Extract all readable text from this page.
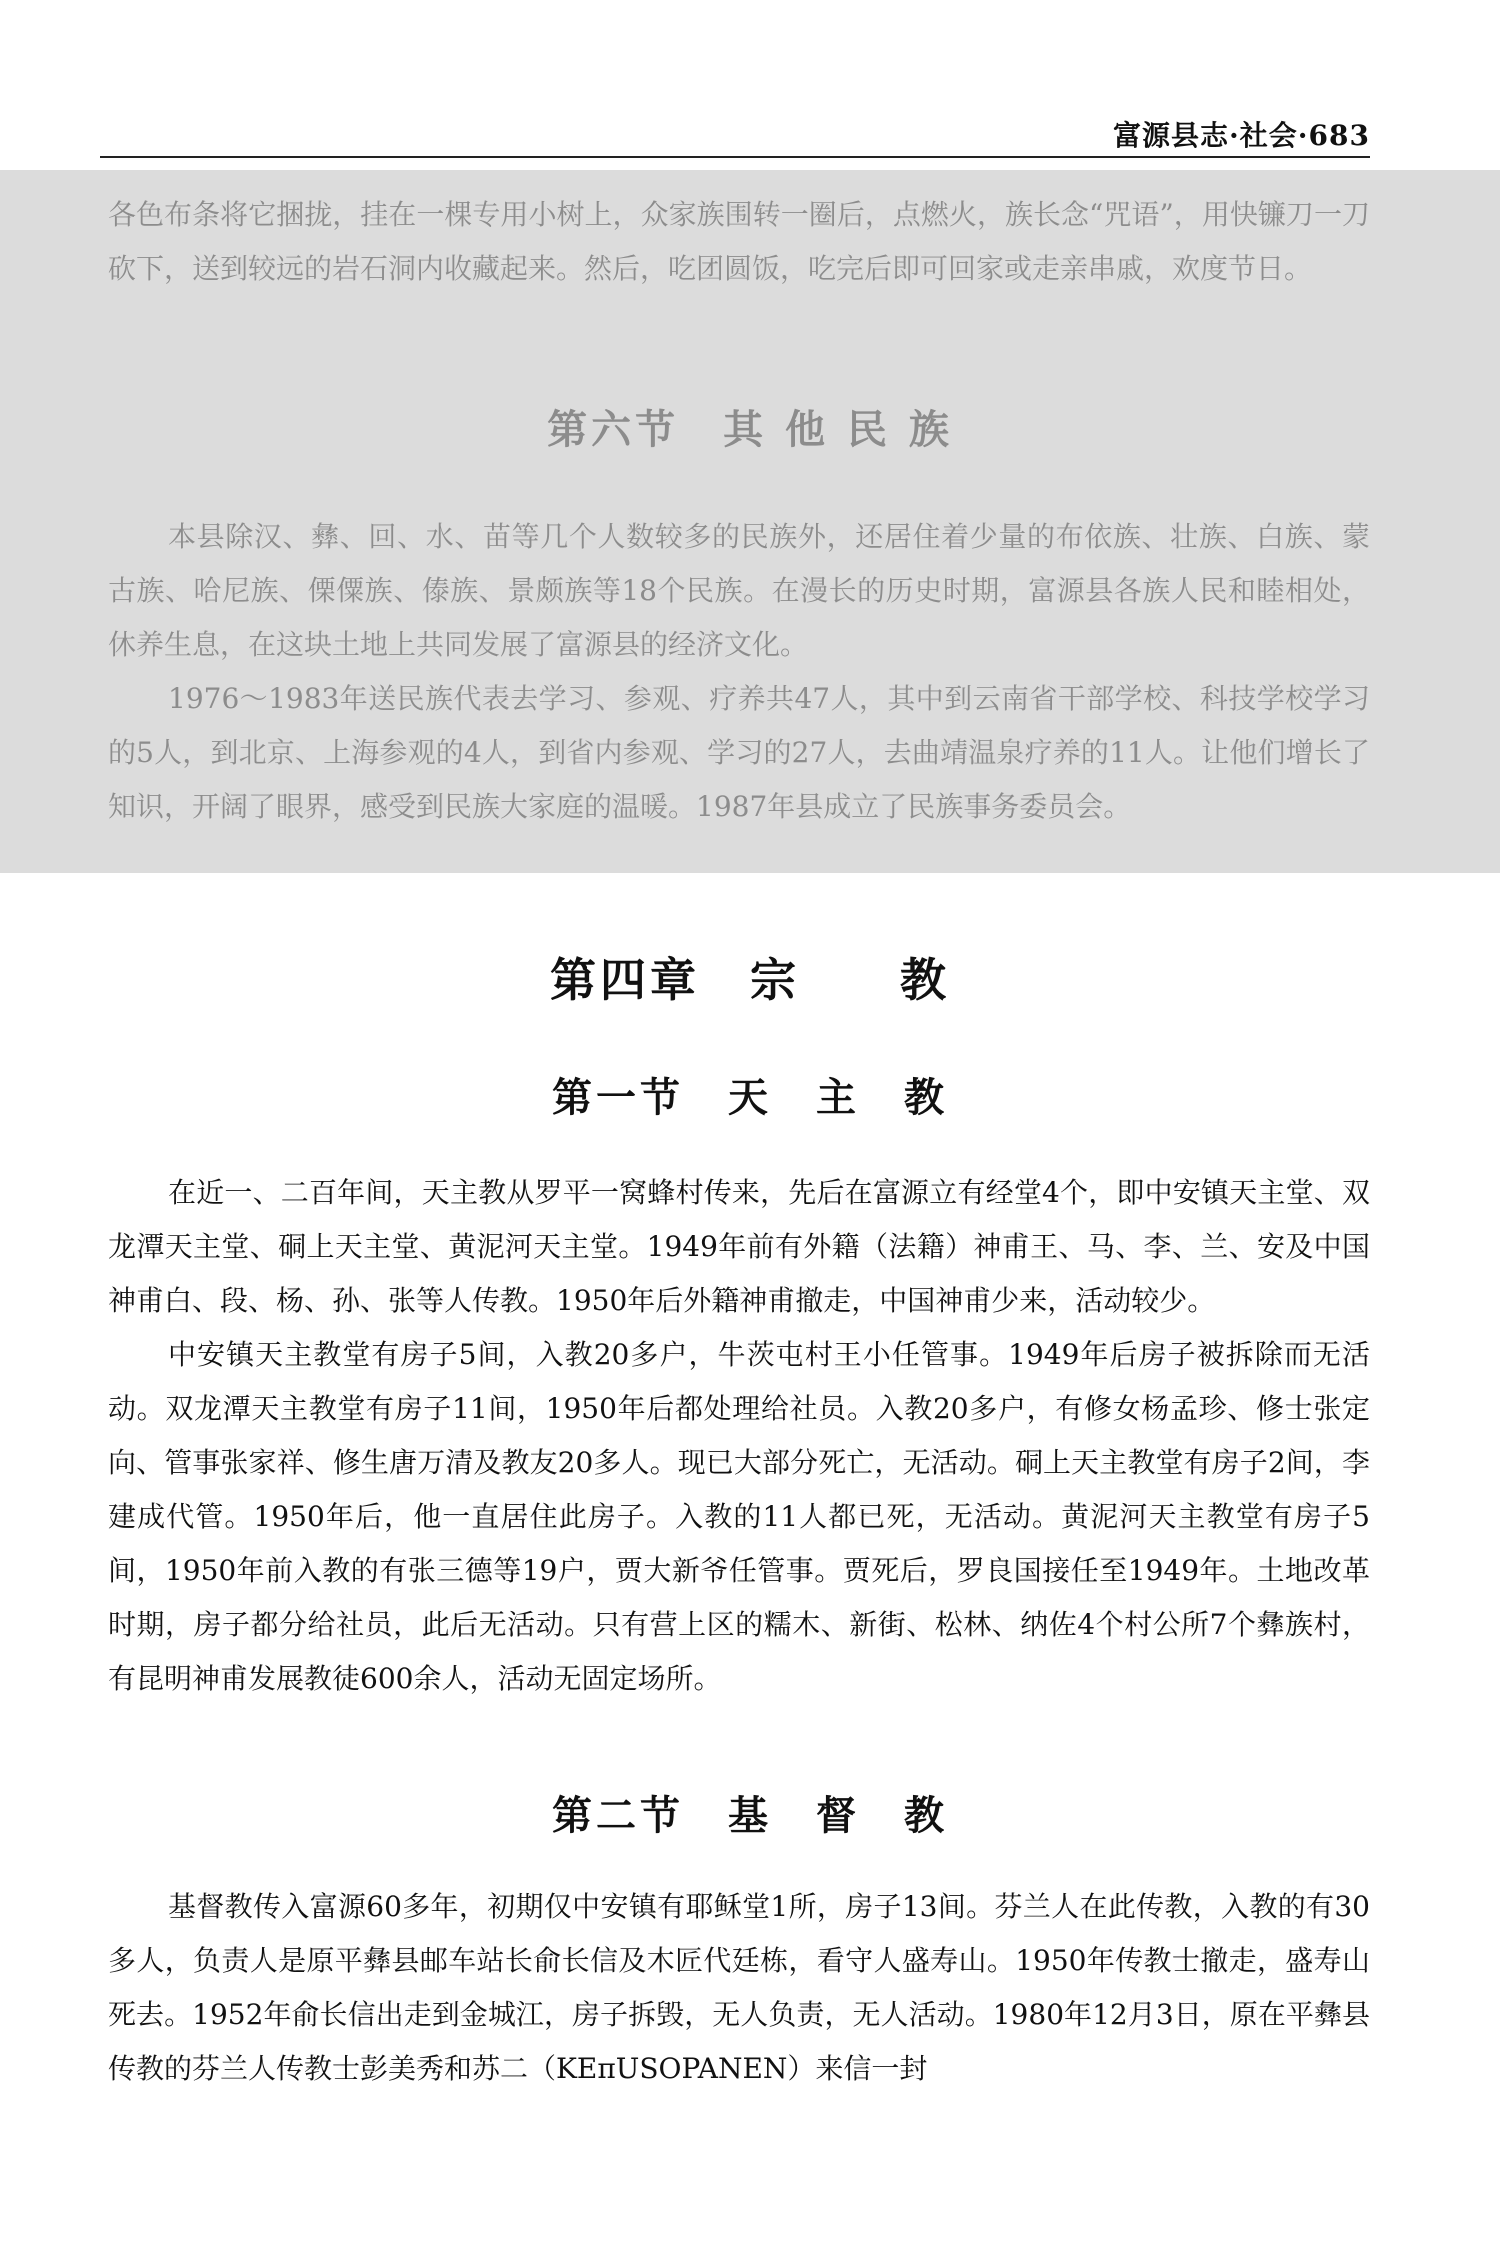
富源县志·社会·683

各色布条将它捆拢，挂在一棵专用小树上，众家族围转一圈后，点燃火，族长念“咒语”，用快镰刀一刀砍下，送到较远的岩石洞内收藏起来。然后，吃团圆饭，吃完后即可回家或走亲串戚，欢度节日。

第六节　其 他 民 族

本县除汉、彝、回、水、苗等几个人数较多的民族外，还居住着少量的布依族、壮族、白族、蒙古族、哈尼族、傈僳族、傣族、景颇族等18个民族。在漫长的历史时期，富源县各族人民和睦相处，休养生息，在这块土地上共同发展了富源县的经济文化。

1976～1983年送民族代表去学习、参观、疗养共47人，其中到云南省干部学校、科技学校学习的5人，到北京、上海参观的4人，到省内参观、学习的27人，去曲靖温泉疗养的11人。让他们增长了知识，开阔了眼界，感受到民族大家庭的温暖。1987年县成立了民族事务委员会。

第四章　宗　　教
第一节　天　主　教

在近一、二百年间，天主教从罗平一窝蜂村传来，先后在富源立有经堂4个，即中安镇天主堂、双龙潭天主堂、硐上天主堂、黄泥河天主堂。1949年前有外籍（法籍）神甫王、马、李、兰、安及中国神甫白、段、杨、孙、张等人传教。1950年后外籍神甫撤走，中国神甫少来，活动较少。

中安镇天主教堂有房子5间，入教20多户，牛茨屯村王小任管事。1949年后房子被拆除而无活动。双龙潭天主教堂有房子11间，1950年后都处理给社员。入教20多户，有修女杨孟珍、修士张定向、管事张家祥、修生唐万清及教友20多人。现已大部分死亡，无活动。硐上天主教堂有房子2间，李建成代管。1950年后，他一直居住此房子。入教的11人都已死，无活动。黄泥河天主教堂有房子5间，1950年前入教的有张三德等19户，贾大新爷任管事。贾死后，罗良国接任至1949年。土地改革时期，房子都分给社员，此后无活动。只有营上区的糯木、新街、松林、纳佐4个村公所7个彝族村，有昆明神甫发展教徒600余人，活动无固定场所。

第二节　基　督　教

基督教传入富源60多年，初期仅中安镇有耶稣堂1所，房子13间。芬兰人在此传教，入教的有30多人，负责人是原平彝县邮车站长俞长信及木匠代廷栋，看守人盛寿山。1950年传教士撤走，盛寿山死去。1952年俞长信出走到金城江，房子拆毁，无人负责，无人活动。1980年12月3日，原在平彝县传教的芬兰人传教士彭美秀和苏二（KEπUSOPANEN）来信一封
